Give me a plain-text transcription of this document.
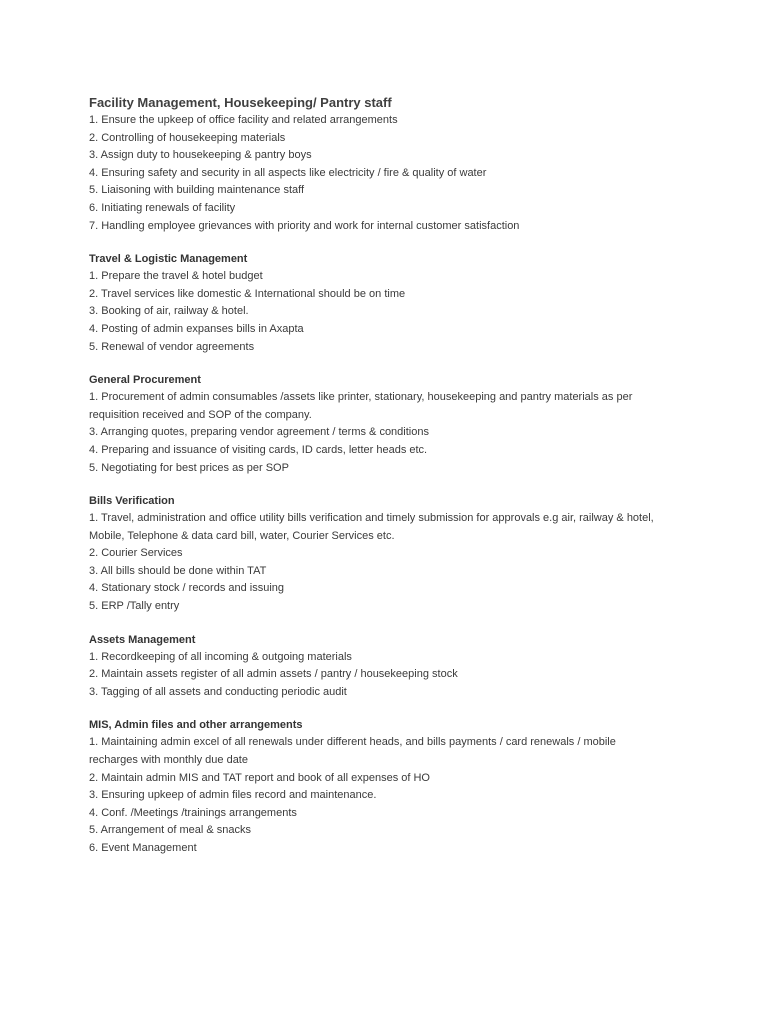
Facility Management, Housekeeping/ Pantry staff
1. Ensure the upkeep of office facility and related arrangements
2. Controlling of housekeeping materials
3. Assign duty to housekeeping & pantry boys
4. Ensuring safety and security in all aspects like electricity / fire & quality of water
5. Liaisoning with building maintenance staff
6. Initiating renewals of facility
7. Handling employee grievances with priority and work for internal customer satisfaction
Travel & Logistic Management
1. Prepare the travel & hotel budget
2. Travel services like domestic & International should be on time
3. Booking of air, railway & hotel.
4. Posting of admin expanses bills in Axapta
5. Renewal of vendor agreements
General Procurement
1. Procurement of admin consumables /assets like printer, stationary, housekeeping and pantry materials as per
requisition received and SOP of the company.
3. Arranging quotes, preparing vendor agreement / terms & conditions
4. Preparing and issuance of visiting cards, ID cards, letter heads etc.
5. Negotiating for best prices as per SOP
Bills Verification
1. Travel, administration and office utility bills verification and timely submission for approvals e.g air, railway & hotel,
Mobile, Telephone & data card bill, water, Courier Services etc.
2. Courier Services
3. All bills should be done within TAT
4. Stationary stock / records and issuing
5. ERP /Tally entry
Assets Management
1. Recordkeeping of all incoming & outgoing materials
2. Maintain assets register of all admin assets / pantry / housekeeping stock
3. Tagging of all assets and conducting periodic audit
MIS, Admin files and other arrangements
1. Maintaining admin excel of all renewals under different heads, and bills payments / card renewals / mobile
recharges with monthly due date
2. Maintain admin MIS and TAT report and book of all expenses of HO
3. Ensuring upkeep of admin files record and maintenance.
4. Conf. /Meetings /trainings arrangements
5. Arrangement of meal & snacks
6. Event Management
